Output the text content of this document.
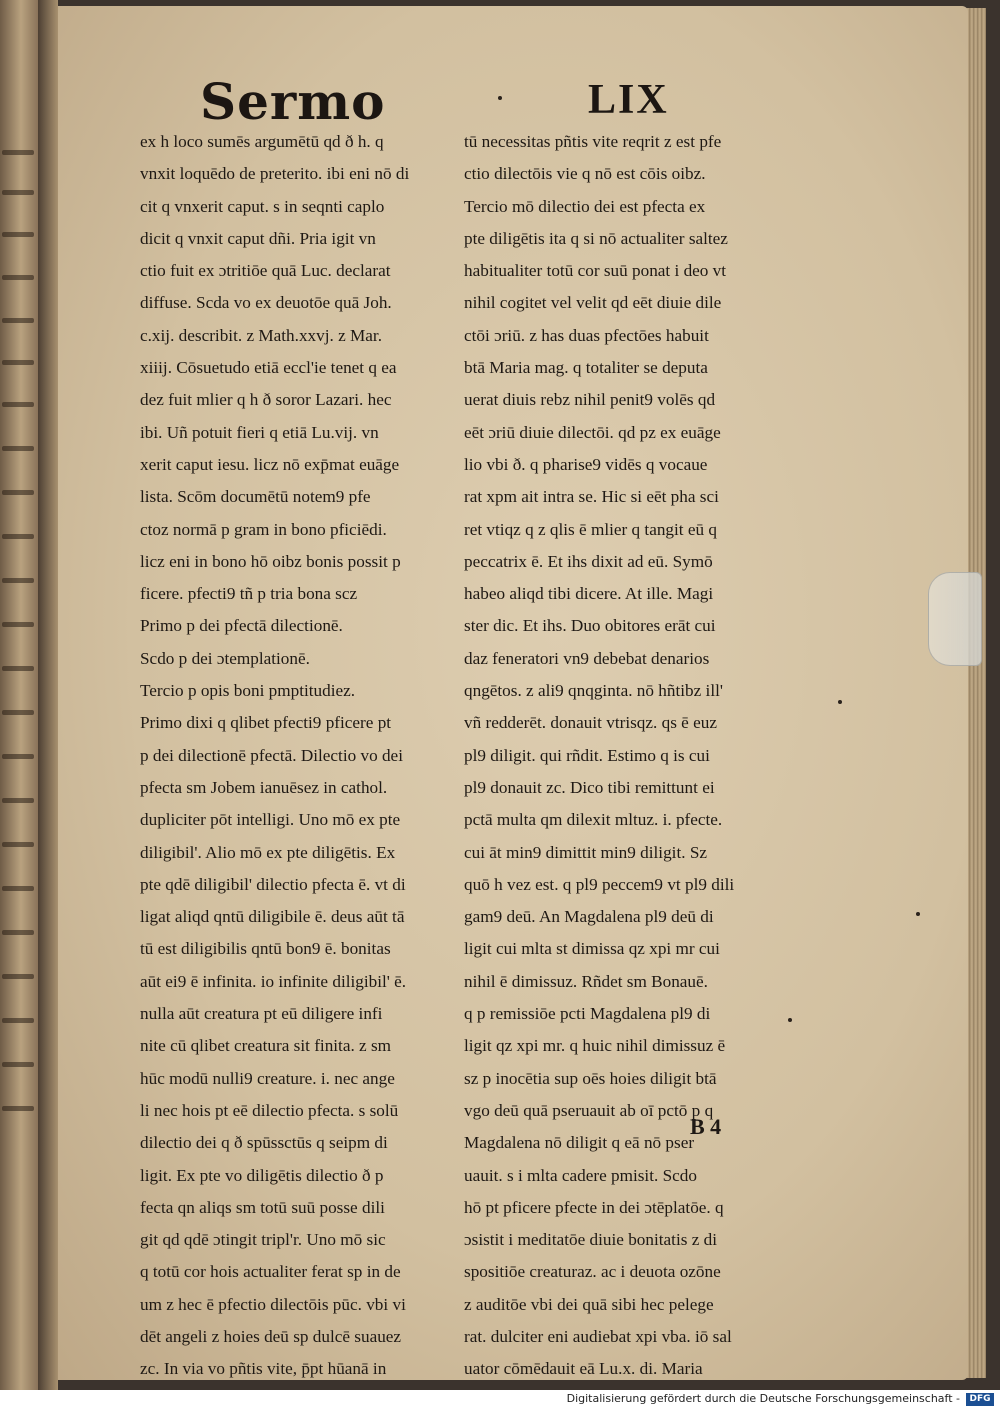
Sermo	LIX
ex h loco sumēs argumētū qd ð h. q
vnxit loquēdo de preterito. ibi eni nō di
cit q vnxerit caput. s in seqnti caplo
dicit q vnxit caput dñi. Pria igit vn
ctio fuit ex ɔtritiōe quā Luc. declarat
diffuse. Scda vo ex deuotōe quā Joh.
c.xij. describit. z Math.xxvj. z Mar.
xiiij. Cōsuetudo etiā eccl'ie tenet q ea
dez fuit mlier q h ð soror Lazari. hec
ibi. Uñ potuit fieri q etiā Lu.vij. vn
xerit caput iesu. licz nō exp̄mat euāge
lista. Scōm documētū notem9 pfe
ctoz normā p gram in bono pficiēdi.
licz eni in bono hō oibz bonis possit p
ficere. pfecti9 tñ p tria bona scz
Primo p dei pfectā dilectionē.
Scdo p dei ɔtemplationē.
Tercio p opis boni pmptitudiez.
Primo dixi q qlibet pfecti9 pficere pt
p dei dilectionē pfectā. Dilectio vo dei
pfecta sm Jobem ianuēsez in cathol.
dupliciter pōt intelligi. Uno mō ex pte
diligibil'. Alio mō ex pte diligētis. Ex
pte qdē diligibil' dilectio pfecta ē. vt di
ligat aliqd qntū diligibile ē. deus aūt tā
tū est diligibilis qntū bon9 ē. bonitas
aūt ei9 ē infinita. io infinite diligibil' ē.
nulla aūt creatura pt eū diligere infi
nite cū qlibet creatura sit finita. z sm
hūc modū nulli9 creature. i. nec ange
li nec hois pt eē dilectio pfecta. s solū
dilectio dei q ð spūssctūs q seipm di
ligit. Ex pte vo diligētis dilectio ð p
fecta qn aliqs sm totū suū posse dili
git qd qdē ɔtingit tripl'r. Uno mō sic
q totū cor hois actualiter ferat sp in de
um z hec ē pfectio dilectōis pūc. vbi vi
dēt angeli z hoies deū sp dulcē suauez
zc. In via vo pñtis vite, p̄pt hūanā in
tū necessitas pñtis vite reqrit z est pfe
ctio dilectōis vie q nō est cōis oibz.
Tercio mō dilectio dei est pfecta ex
pte diligētis ita q si nō actualiter saltez
habitualiter totū cor suū ponat i deo vt
nihil cogitet vel velit qd eēt diuie dile
ctōi ɔriū. z has duas pfectōes habuit
btā Maria mag. q totaliter se deputa
uerat diuis rebz nihil penit9 volēs qd
eēt ɔriū diuie dilectōi. qd pz ex euāge
lio vbi ð. q pharise9 vidēs q vocaue
rat xpm ait intra se. Hic si eēt pha sci
ret vtiqz q z qlis ē mlier q tangit eū q
peccatrix ē. Et ihs dixit ad eū. Symō
habeo aliqd tibi dicere. At ille. Magi
ster dic. Et ihs. Duo obitores erāt cui
daz feneratori vn9 debebat denarios
qngētos. z ali9 qnqginta. nō hñtibz ill'
vñ redderēt. donauit vtrisqz. qs ē euz
pl9 diligit. qui rñdit. Estimo q is cui
pl9 donauit zc. Dico tibi remittunt ei
pctā multa qm dilexit mltuz. i. pfecte.
cui āt min9 dimittit min9 diligit. Sz
quō h vez est. q pl9 peccem9 vt pl9 dili
gam9 deū. An Magdalena pl9 deū di
ligit cui mlta st dimissa qz xpi mr cui
nihil ē dimissuz. Rñdet sm Bonauē.
q p remissiōe pcti Magdalena pl9 di
ligit qz xpi mr. q huic nihil dimissuz ē
sz p inocētia sup oēs hoies diligit btā
vgo deū quā pseruauit ab oī pctō p q
Magdalena nō diligit q eā nō pser
uauit. s i mlta cadere pmisit. Scdo
hō pt pficere pfecte in dei ɔtēplatōe. q
ɔsistit i meditatōe diuie bonitatis z di
spositiōe creaturaz. ac i deuota ozōne
z auditōe vbi dei quā sibi hec pelege
rat. dulciter eni audiebat xpi vba. iō sal
uator cōmēdauit eā Lu.x. di. Maria
B 4
Digitalisierung gefördert durch die Deutsche Forschungsgemeinschaft -	DFG
